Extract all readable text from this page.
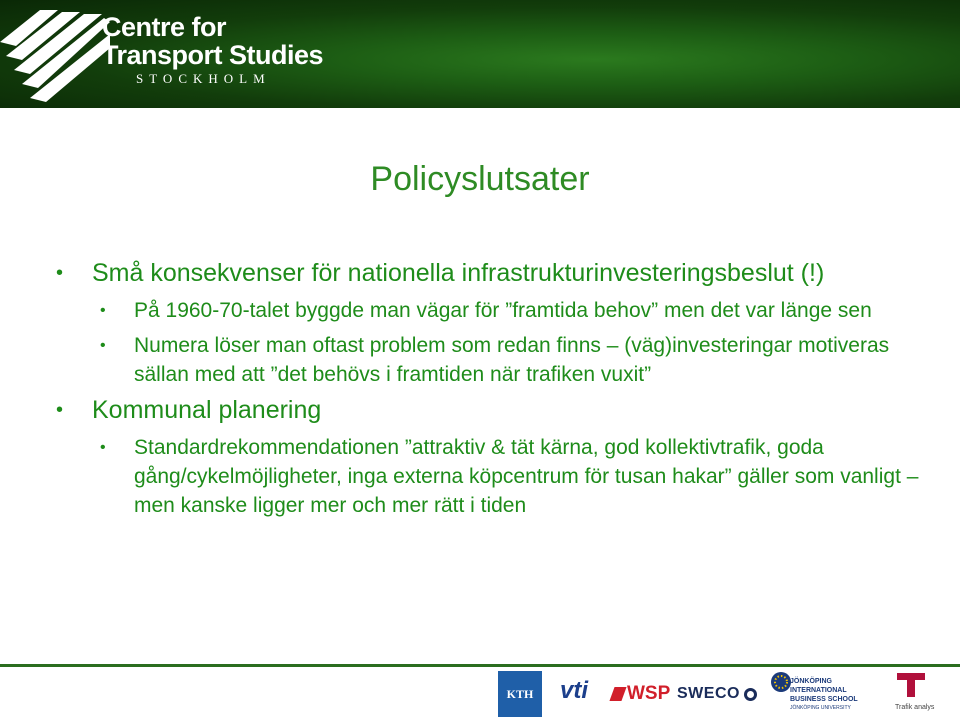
Centre for
Transport Studies
STOCKHOLM
Policyslutsater
• Små konsekvenser för nationella infrastrukturinvesteringsbeslut (!)
• På 1960-70-talet byggde man vägar för ”framtida behov” men det var länge sen
• Numera löser man oftast problem som redan finns – (väg)investeringar motiveras sällan med att ”det behövs i framtiden när trafiken vuxit”
• Kommunal planering
• Standardrekommendationen ”attraktiv & tät kärna, god kollektivtrafik, goda gång/cykelmöjligheter, inga externa köpcentrum för tusan hakar” gäller som vanligt – men kanske ligger mer och mer rätt i tiden
KTH	vti	WSP SWECO
JÖNKÖPING INTERNATIONAL
BUSINESS SCHOOL
JÖNKÖPING UNIVERSITY	Trafik analys
